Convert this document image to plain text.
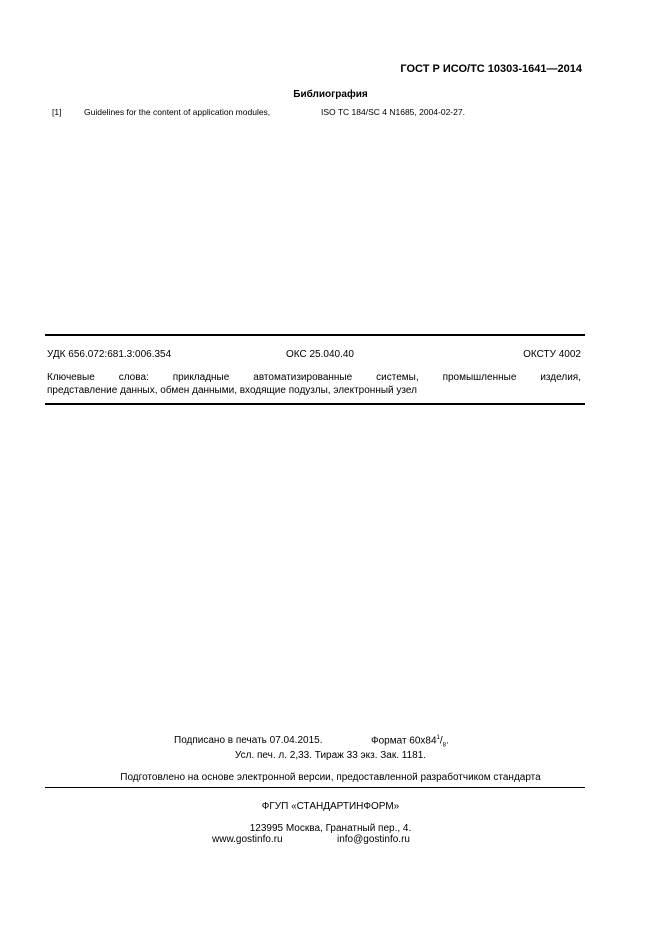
ГОСТ Р ИСО/ТС 10303-1641—2014
Библиография
[1]	Guidelines for the content of application modules,	ISO TC 184/SC 4 N1685, 2004-02-27.
УДК 656.072:681.3:006.354	ОКС 25.040.40	ОКСТУ 4002
Ключевые слова: прикладные автоматизированные системы, промышленные изделия,
представление данных, обмен данными, входящие подузлы, электронный узел
Подписано в печать 07.04.2015.	Формат $60x84^1/_8$.
Усл. печ. л. 2,33. Тираж 33 экз. Зак. 1181.
Подготовлено на основе электронной версии, предоставленной разработчиком стандарта
ФГУП «СТАНДАРТИНФОРМ»
123995 Москва, Гранатный пер., 4.
www.gostinfo.ru	info@gostinfo.ru
